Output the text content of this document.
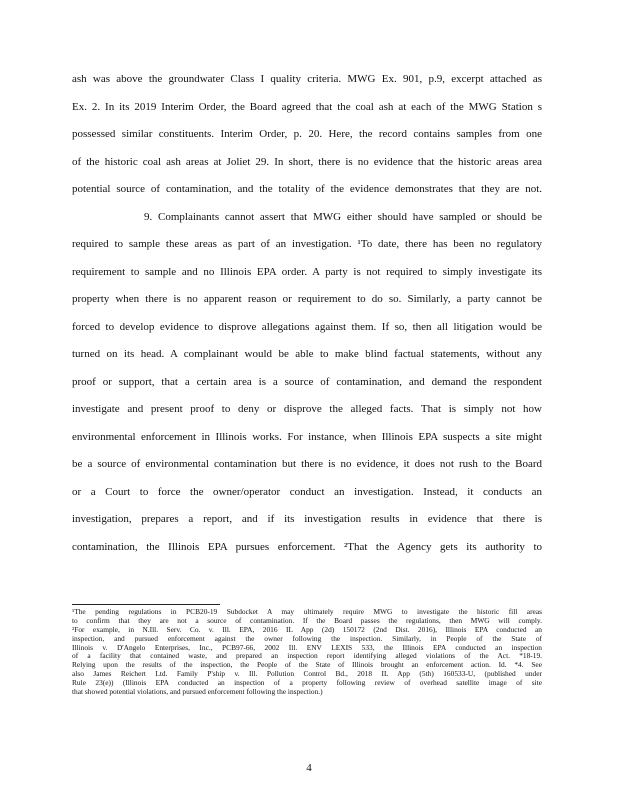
ash was above the groundwater Class I quality criteria. MWG Ex. 901, p.9, excerpt attached as
Ex. 2. In its 2019 Interim Order, the Board agreed that the coal ash at each of the MWG Station s
possessed similar constituents. Interim Order, p. 20. Here, the record contains samples from one
of the historic coal ash areas at Joliet 29. In short, there is no evidence that the historic areas area
potential source of contamination, and the totality of the evidence demonstrates that they are not.
9. Complainants cannot assert that MWG either should have sampled or should be
required to sample these areas as part of an investigation. ¹To date, there has been no regulatory
requirement to sample and no Illinois EPA order. A party is not required to simply investigate its
property when there is no apparent reason or requirement to do so. Similarly, a party cannot be
forced to develop evidence to disprove allegations against them. If so, then all litigation would be
turned on its head. A complainant would be able to make blind factual statements, without any
proof or support, that a certain area is a source of contamination, and demand the respondent
investigate and present proof to deny or disprove the alleged facts. That is simply not how
environmental enforcement in Illinois works. For instance, when Illinois EPA suspects a site might
be a source of environmental contamination but there is no evidence, it does not rush to the Board
or a Court to force the owner/operator conduct an investigation. Instead, it conducts an
investigation, prepares a report, and if its investigation results in evidence that there is
contamination, the Illinois EPA pursues enforcement. ²That the Agency gets its authority to
¹The pending regulations in PCB20-19 Subdocket A may ultimately require MWG to investigate the historic fill areas
to confirm that they are not a source of contamination. If the Board passes the regulations, then MWG will comply.
²For example, in N.Ill. Serv. Co. v. Ill. EPA, 2016 IL App (2d) 150172 (2nd Dist. 2016), Illinois EPA conducted an
inspection, and pursued enforcement against the owner following the inspection. Similarly, in People of the State of
Illinois v. D'Angelo Enterprises, Inc., PCB97-66, 2002 Ill. ENV LEXIS 533, the Illinois EPA conducted an inspection
of a facility that contained waste, and prepared an inspection report identifying alleged violations of the Act. *18-19.
Relying upon the results of the inspection, the People of the State of Illinois brought an enforcement action. Id. *4. See
also James Reichert Ltd. Family P'ship v. Ill. Pollution Control Bd., 2018 IL App (5th) 160533-U, (published under
Rule 23(e)) (Illinois EPA conducted an inspection of a property following review of overhead satellite image of site
that showed potential violations, and pursued enforcement following the inspection.)
4
